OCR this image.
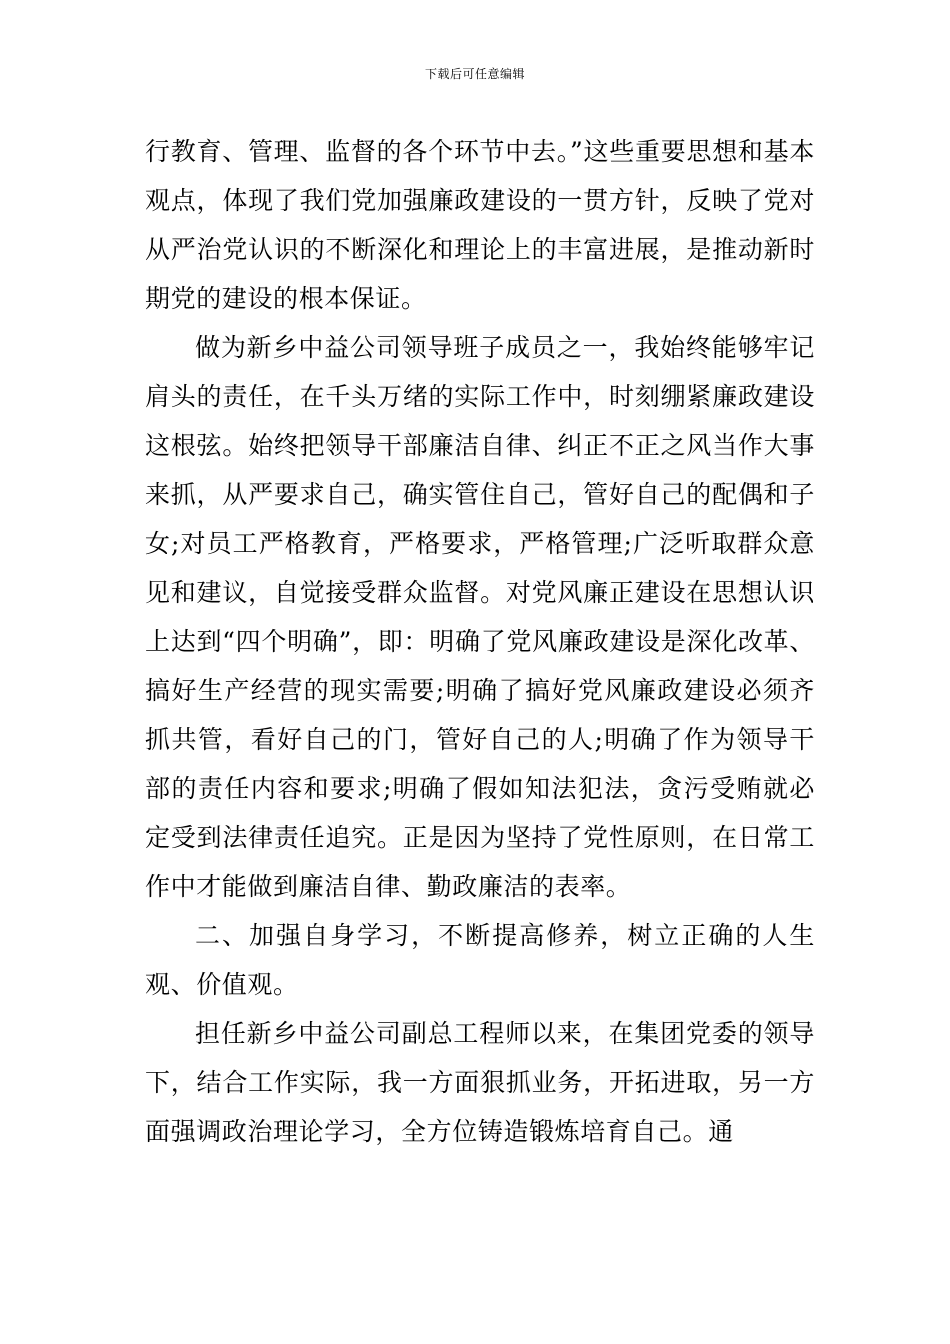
下载后可任意编辑

行教育、管理、监督的各个环节中去。”这些重要思想和基本观点，体现了我们党加强廉政建设的一贯方针，反映了党对从严治党认识的不断深化和理论上的丰富进展，是推动新时期党的建设的根本保证。

做为新乡中益公司领导班子成员之一，我始终能够牢记肩头的责任，在千头万绪的实际工作中，时刻绷紧廉政建设这根弦。始终把领导干部廉洁自律、纠正不正之风当作大事来抓，从严要求自己，确实管住自己，管好自己的配偶和子女;对员工严格教育，严格要求，严格管理;广泛听取群众意见和建议，自觉接受群众监督。对党风廉正建设在思想认识上达到“四个明确”，即：明确了党风廉政建设是深化改革、搞好生产经营的现实需要;明确了搞好党风廉政建设必须齐抓共管，看好自己的门，管好自己的人;明确了作为领导干部的责任内容和要求;明确了假如知法犯法，贪污受贿就必定受到法律责任追究。正是因为坚持了党性原则，在日常工作中才能做到廉洁自律、勤政廉洁的表率。

二、加强自身学习，不断提高修养，树立正确的人生观、价值观。

担任新乡中益公司副总工程师以来，在集团党委的领导下，结合工作实际，我一方面狠抓业务，开拓进取，另一方面强调政治理论学习，全方位铸造锻炼培育自己。通
